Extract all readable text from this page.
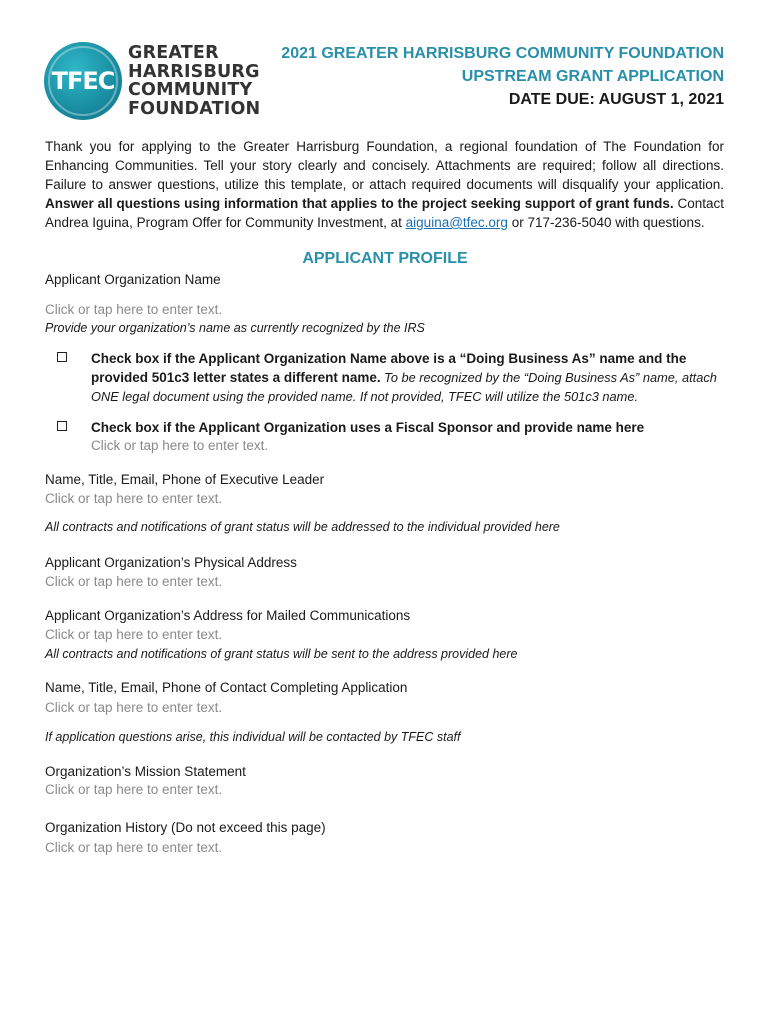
TFEC
GREATER
HARRISBURG
COMMUNITY
FOUNDATION
2021 GREATER HARRISBURG COMMUNITY FOUNDATION
UPSTREAM GRANT APPLICATION
DATE DUE: AUGUST 1, 2021
Thank you for applying to the Greater Harrisburg Foundation, a regional foundation of The Foundation for Enhancing Communities. Tell your story clearly and concisely. Attachments are required; follow all directions. Failure to answer questions, utilize this template, or attach required documents will disqualify your application. Answer all questions using information that applies to the project seeking support of grant funds. Contact Andrea Iguina, Program Offer for Community Investment, at aiguina@tfec.org or 717-236-5040 with questions.
APPLICANT PROFILE
Applicant Organization Name
Click or tap here to enter text.
Provide your organization’s name as currently recognized by the IRS
Check box if the Applicant Organization Name above is a “Doing Business As” name and the provided 501c3 letter states a different name. To be recognized by the “Doing Business As” name, attach ONE legal document using the provided name. If not provided, TFEC will utilize the 501c3 name.
Check box if the Applicant Organization uses a Fiscal Sponsor and provide name here
Click or tap here to enter text.
Name, Title, Email, Phone of Executive Leader
Click or tap here to enter text.
All contracts and notifications of grant status will be addressed to the individual provided here
Applicant Organization’s Physical Address
Click or tap here to enter text.
Applicant Organization’s Address for Mailed Communications
Click or tap here to enter text.
All contracts and notifications of grant status will be sent to the address provided here
Name, Title, Email, Phone of Contact Completing Application
Click or tap here to enter text.
If application questions arise, this individual will be contacted by TFEC staff
Organization’s Mission Statement
Click or tap here to enter text.
Organization History (Do not exceed this page)
Click or tap here to enter text.
